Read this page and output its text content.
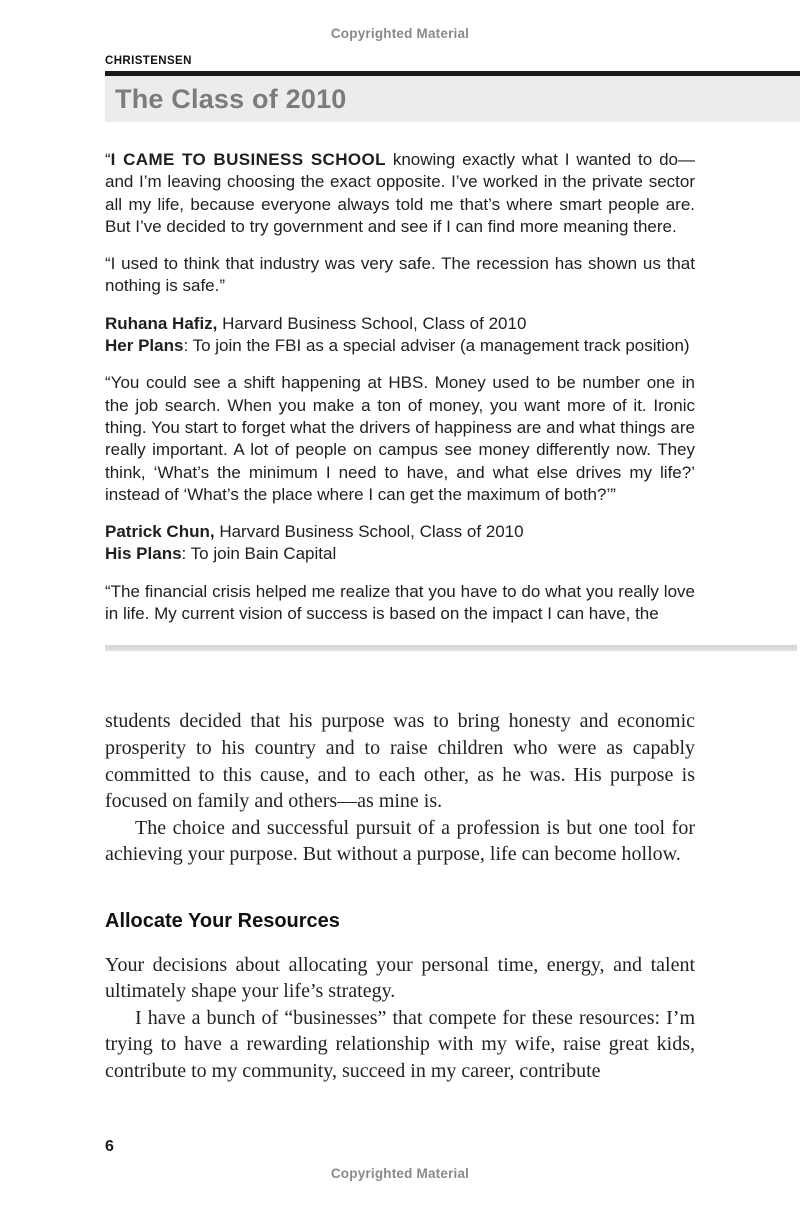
Copyrighted Material
CHRISTENSEN
The Class of 2010

“I CAME TO BUSINESS SCHOOL knowing exactly what I wanted to do—and I’m leaving choosing the exact opposite. I’ve worked in the private sector all my life, because everyone always told me that’s where smart people are. But I’ve decided to try government and see if I can find more meaning there.

“I used to think that industry was very safe. The recession has shown us that nothing is safe.”

Ruhana Hafiz, Harvard Business School, Class of 2010
Her Plans: To join the FBI as a special adviser (a management track position)

“You could see a shift happening at HBS. Money used to be number one in the job search. When you make a ton of money, you want more of it. Ironic thing. You start to forget what the drivers of happiness are and what things are really important. A lot of people on campus see money differently now. They think, ‘What’s the minimum I need to have, and what else drives my life?’ instead of ‘What’s the place where I can get the maximum of both?’”

Patrick Chun, Harvard Business School, Class of 2010
His Plans: To join Bain Capital

“The financial crisis helped me realize that you have to do what you really love in life. My current vision of success is based on the impact I can have, the

students decided that his purpose was to bring honesty and economic prosperity to his country and to raise children who were as capably committed to this cause, and to each other, as he was. His purpose is focused on family and others—as mine is.

The choice and successful pursuit of a profession is but one tool for achieving your purpose. But without a purpose, life can become hollow.

Allocate Your Resources

Your decisions about allocating your personal time, energy, and talent ultimately shape your life’s strategy.

I have a bunch of “businesses” that compete for these resources: I’m trying to have a rewarding relationship with my wife, raise great kids, contribute to my community, succeed in my career, contribute

6
Copyrighted Material
